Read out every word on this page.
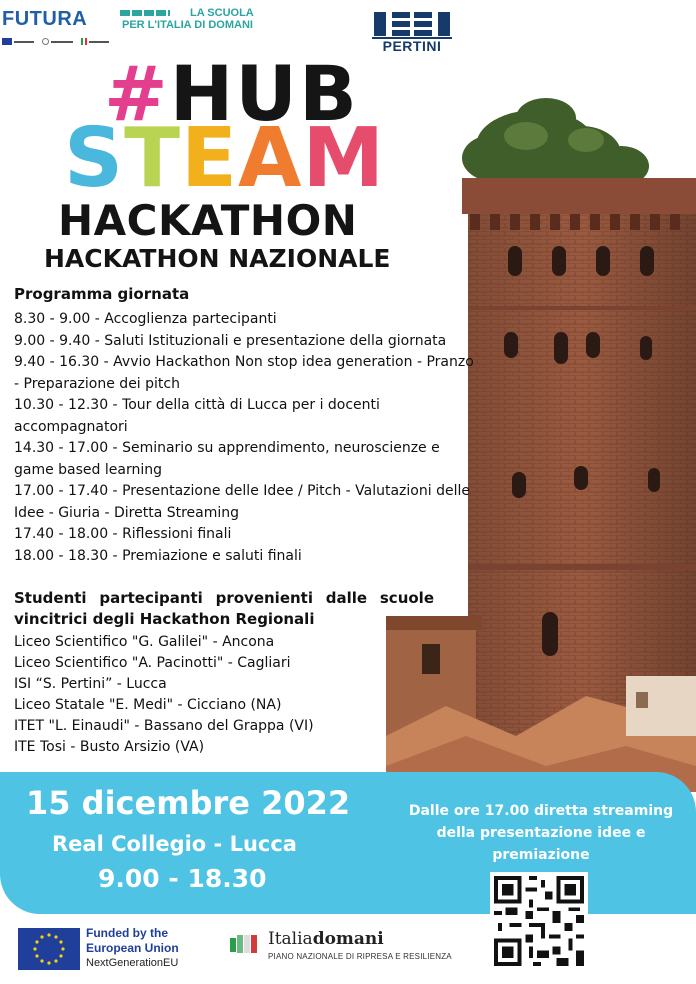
FUTURA	LA SCUOLA
PER L'ITALIA DI DOMANI
PERTINI
#HUB
STEAM
HACKATHON
HACKATHON NAZIONALE
Programma giornata
8.30 - 9.00 - Accoglienza partecipanti
9.00 - 9.40 - Saluti Istituzionali e presentazione della giornata
9.40 - 16.30 - Avvio Hackathon Non stop idea generation - Pranzo - Preparazione dei pitch
10.30 - 12.30 - Tour della città di Lucca per i docenti accompagnatori
14.30 - 17.00 - Seminario su apprendimento, neuroscienze e game based learning
17.00 - 17.40 - Presentazione delle Idee / Pitch - Valutazioni delle Idee - Giuria - Diretta Streaming
17.40 - 18.00 - Riflessioni finali
18.00 - 18.30 - Premiazione e saluti finali
Studenti partecipanti provenienti dalle scuole vincitrici degli Hackathon Regionali
Liceo Scientifico "G. Galilei" - Ancona
Liceo Scientifico "A. Pacinotti" - Cagliari
ISI “S. Pertini” - Lucca
Liceo Statale "E. Medi" - Cicciano (NA)
ITET "L. Einaudi" - Bassano del Grappa (VI)
ITE Tosi - Busto Arsizio (VA)
15 dicembre 2022
Real Collegio - Lucca
9.00 - 18.30
Dalle ore 17.00 diretta streaming della presentazione idee e premiazione
Funded by the
European Union
NextGenerationEU
Italiadomani
PIANO NAZIONALE DI RIPRESA E RESILIENZA
